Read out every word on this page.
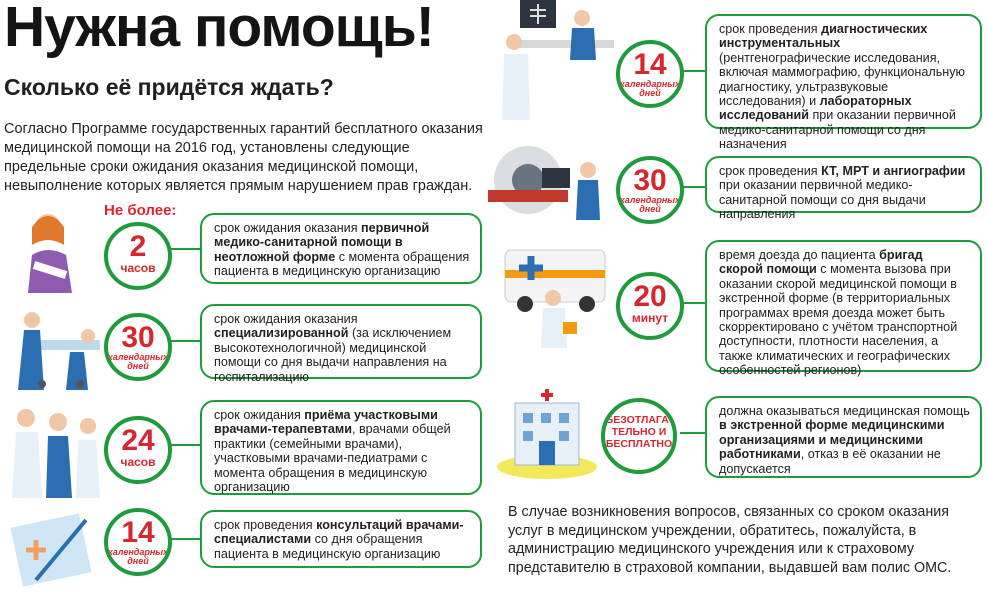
Нужна помощь!
Сколько её придётся ждать?
Согласно Программе государственных гарантий бесплатного оказания медицинской помощи на 2016 год, установлены следующие предельные сроки ожидания оказания медицинской помощи, невыполнение которых является прямым нарушением прав граждан.
Не более:
2
часов
срок ожидания оказания первичной медико-санитарной помощи в неотложной форме с момента обращения пациента в медицинскую организацию
30
календарных дней
срок ожидания оказания специализированной (за исключением высокотехнологичной) медицинской помощи со дня выдачи направления на госпитализацию
24
часов
срок ожидания приёма участковыми врачами-терапевтами, врачами общей практики (семейными врачами), участковыми врачами-педиатрами с момента обращения в медицинскую организацию
14
календарных дней
срок проведения консультаций врачами-специалистами со дня обращения пациента в медицинскую организацию
14
календарных дней
срок проведения диагностических инструментальных (рентгенографические исследования, включая маммографию, функциональную диагностику, ультразвуковые исследования) и лабораторных исследований при оказании первичной медико-санитарной помощи со дня назначения
30
календарных дней
срок проведения КТ, МРТ и ангиографии при оказании первичной медико-санитарной помощи со дня выдачи направления
20
минут
время доезда до пациента бригад скорой помощи с момента вызова при оказании скорой медицинской помощи в экстренной форме (в территориальных программах время доезда может быть скорректировано с учётом транспортной доступности, плотности населения, а также климатических и географических особенностей регионов)
БЕЗОТЛАГА-ТЕЛЬНО И БЕСПЛАТНО
должна оказываться медицинская помощь в экстренной форме медицинскими организациями и медицинскими работниками, отказ в её оказании не допускается
В случае возникновения вопросов, связанных со сроком оказания услуг в медицинском учреждении, обратитесь, пожалуйста, в администрацию медицинского учреждения или к страховому представителю в страховой компании, выдавшей вам полис ОМС.
